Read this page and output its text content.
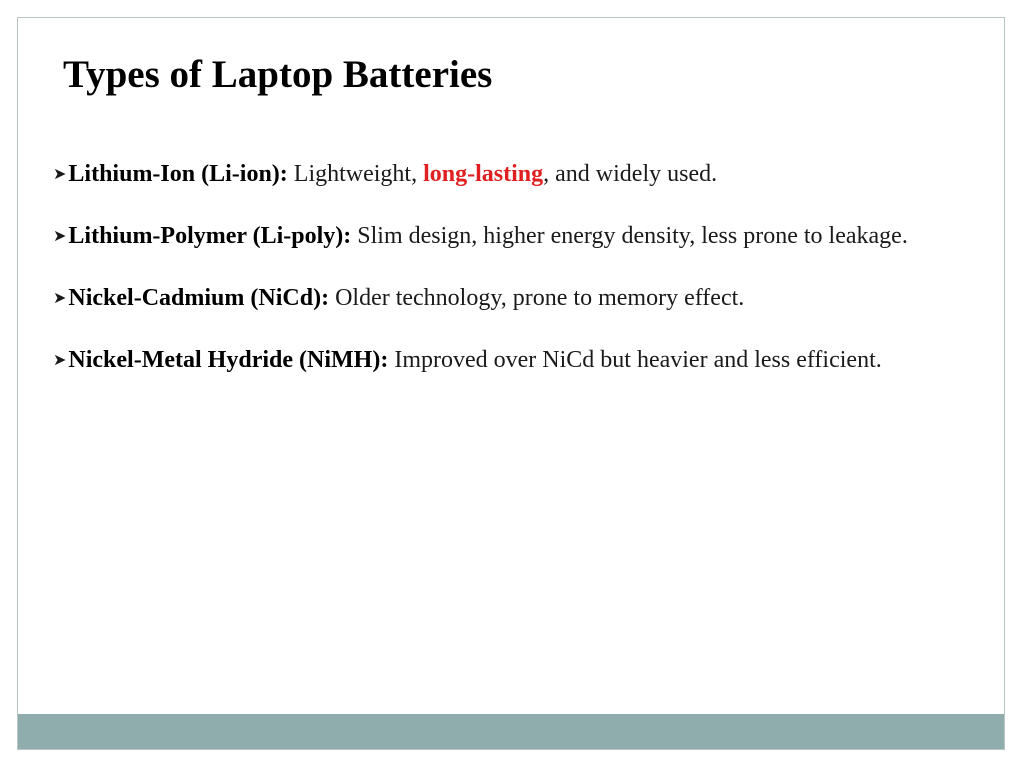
Types of Laptop Batteries
➤Lithium-Ion (Li-ion): Lightweight, long-lasting, and widely used.
➤Lithium-Polymer (Li-poly): Slim design, higher energy density, less prone to leakage.
➤Nickel-Cadmium (NiCd): Older technology, prone to memory effect.
➤Nickel-Metal Hydride (NiMH): Improved over NiCd but heavier and less efficient.
